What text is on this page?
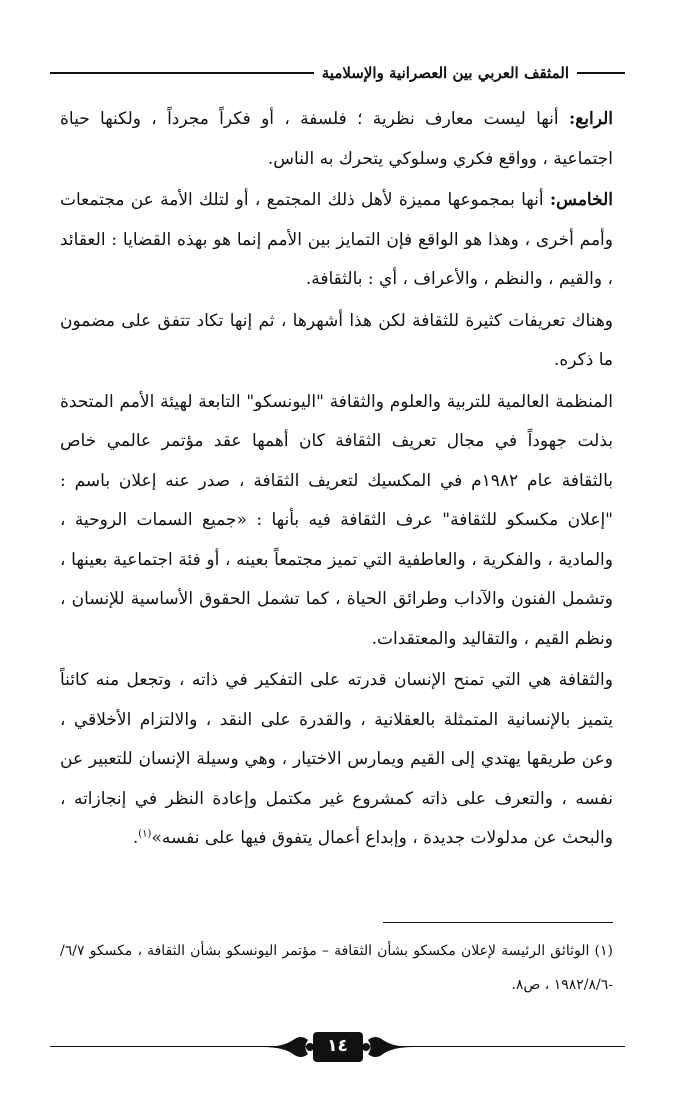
المثقف العربي بين العصرانية والإسلامية

الرابع: أنها ليست معارف نظرية ؛ فلسفة ، أو فكراً مجرداً ، ولكنها حياة اجتماعية ، وواقع فكري وسلوكي يتحرك به الناس.

الخامس: أنها بمجموعها مميزة لأهل ذلك المجتمع ، أو لتلك الأمة عن مجتمعات وأمم أخرى ، وهذا هو الواقع فإن التمايز بين الأمم إنما هو بهذه القضايا : العقائد ، والقيم ، والنظم ، والأعراف ، أي : بالثقافة.

وهناك تعريفات كثيرة للثقافة لكن هذا أشهرها ، ثم إنها تكاد تتفق على مضمون ما ذكره.

المنظمة العالمية للتربية والعلوم والثقافة "اليونسكو" التابعة لهيئة الأمم المتحدة بذلت جهوداً في مجال تعريف الثقافة كان أهمها عقد مؤتمر عالمي خاص بالثقافة عام ١٩٨٢م في المكسيك لتعريف الثقافة ، صدر عنه إعلان باسم : "إعلان مكسكو للثقافة" عرف الثقافة فيه بأنها : «جميع السمات الروحية ، والمادية ، والفكرية ، والعاطفية التي تميز مجتمعاً بعينه ، أو فئة اجتماعية بعينها ، وتشمل الفنون والآداب وطرائق الحياة ، كما تشمل الحقوق الأساسية للإنسان ، ونظم القيم ، والتقاليد والمعتقدات.

والثقافة هي التي تمنح الإنسان قدرته على التفكير في ذاته ، وتجعل منه كائناً يتميز بالإنسانية المتمثلة بالعقلانية ، والقدرة على النقد ، والالتزام الأخلاقي ، وعن طريقها يهتدي إلى القيم ويمارس الاختيار ، وهي وسيلة الإنسان للتعبير عن نفسه ، والتعرف على ذاته كمشروع غير مكتمل وإعادة النظر في إنجازاته ، والبحث عن مدلولات جديدة ، وإبداع أعمال يتفوق فيها على نفسه»$^{(١)}$.

(١) الوثائق الرئيسة لإعلان مكسكو بشأن الثقافة – مؤتمر اليونسكو بشأن الثقافة ، مكسكو ٦/٧/ -١٩٨٢/٨/٦ ، ص٨.

١٤
